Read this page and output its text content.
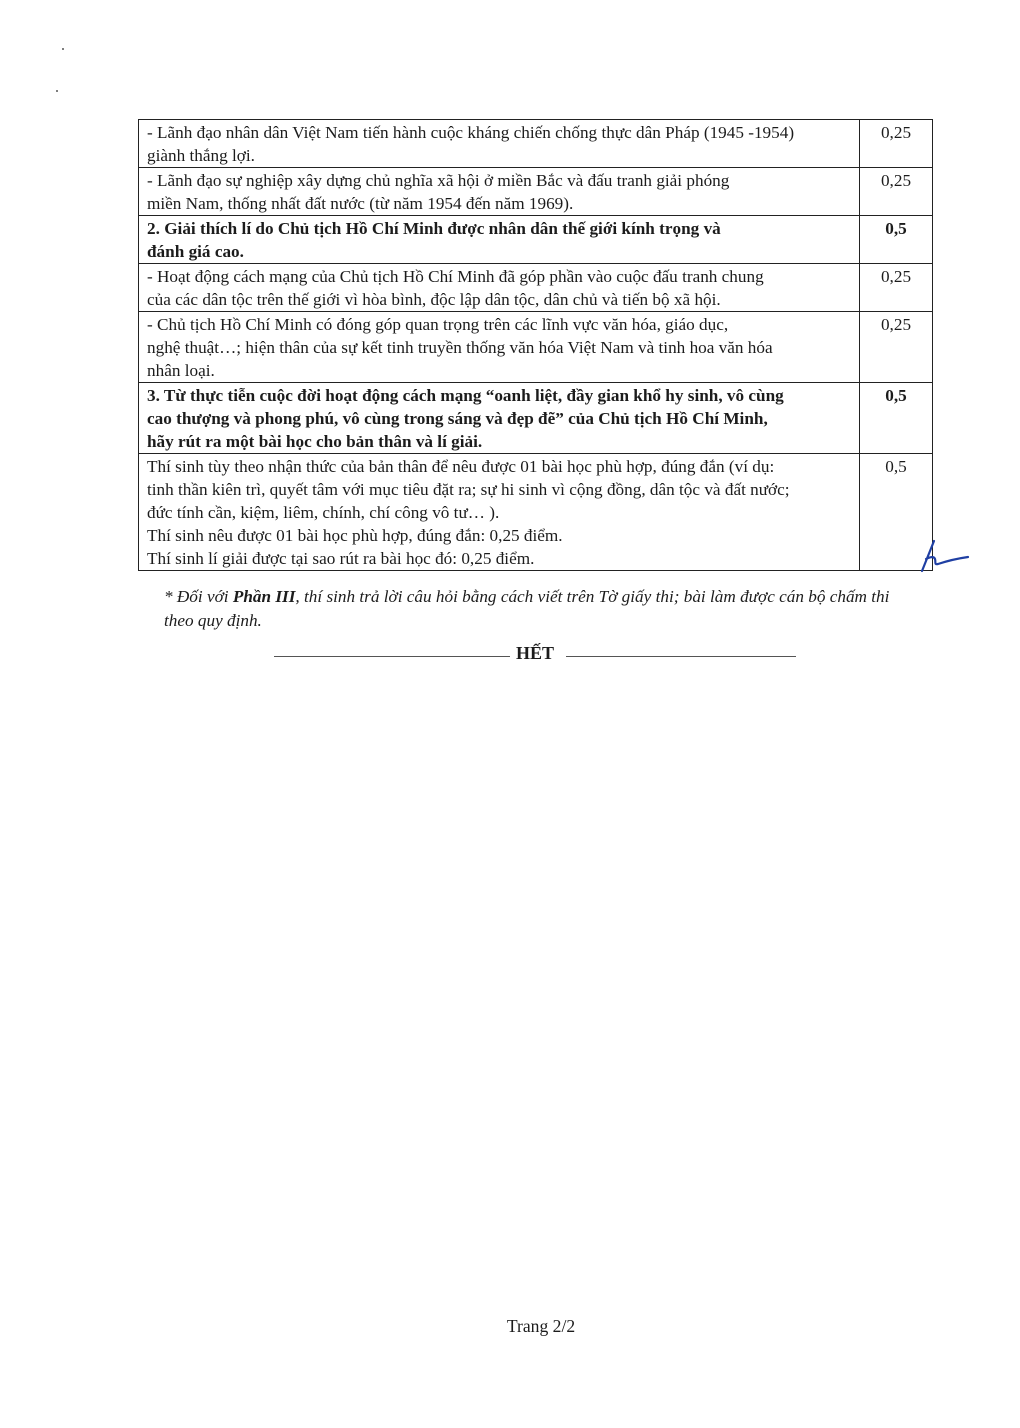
- Lãnh đạo nhân dân Việt Nam tiến hành cuộc kháng chiến chống thực dân Pháp (1945 -1954)
giành thắng lợi.	0,25

- Lãnh đạo sự nghiệp xây dựng chủ nghĩa xã hội ở miền Bắc và đấu tranh giải phóng
miền Nam, thống nhất đất nước (từ năm 1954 đến năm 1969).	0,25

2. Giải thích lí do Chủ tịch Hồ Chí Minh được nhân dân thế giới kính trọng và
đánh giá cao.	0,5

- Hoạt động cách mạng của Chủ tịch Hồ Chí Minh đã góp phần vào cuộc đấu tranh chung
của các dân tộc trên thế giới vì hòa bình, độc lập dân tộc, dân chủ và tiến bộ xã hội.	0,25

- Chủ tịch Hồ Chí Minh có đóng góp quan trọng trên các lĩnh vực văn hóa, giáo dục,
nghệ thuật…; hiện thân của sự kết tinh truyền thống văn hóa Việt Nam và tinh hoa văn hóa
nhân loại.	0,25

3. Từ thực tiễn cuộc đời hoạt động cách mạng “oanh liệt, đầy gian khổ hy sinh, vô cùng
cao thượng và phong phú, vô cùng trong sáng và đẹp đẽ” của Chủ tịch Hồ Chí Minh,
hãy rút ra một bài học cho bản thân và lí giải.	0,5

Thí sinh tùy theo nhận thức của bản thân để nêu được 01 bài học phù hợp, đúng đắn (ví dụ:
tinh thần kiên trì, quyết tâm với mục tiêu đặt ra; sự hi sinh vì cộng đồng, dân tộc và đất nước;
đức tính cần, kiệm, liêm, chính, chí công vô tư… ).
Thí sinh nêu được 01 bài học phù hợp, đúng đắn: 0,25 điểm.
Thí sinh lí giải được tại sao rút ra bài học đó: 0,25 điểm.	0,5
* Đối với Phần III, thí sinh trả lời câu hỏi bằng cách viết trên Tờ giấy thi; bài làm được cán bộ chấm thi theo quy định.
HẾT
Trang 2/2
